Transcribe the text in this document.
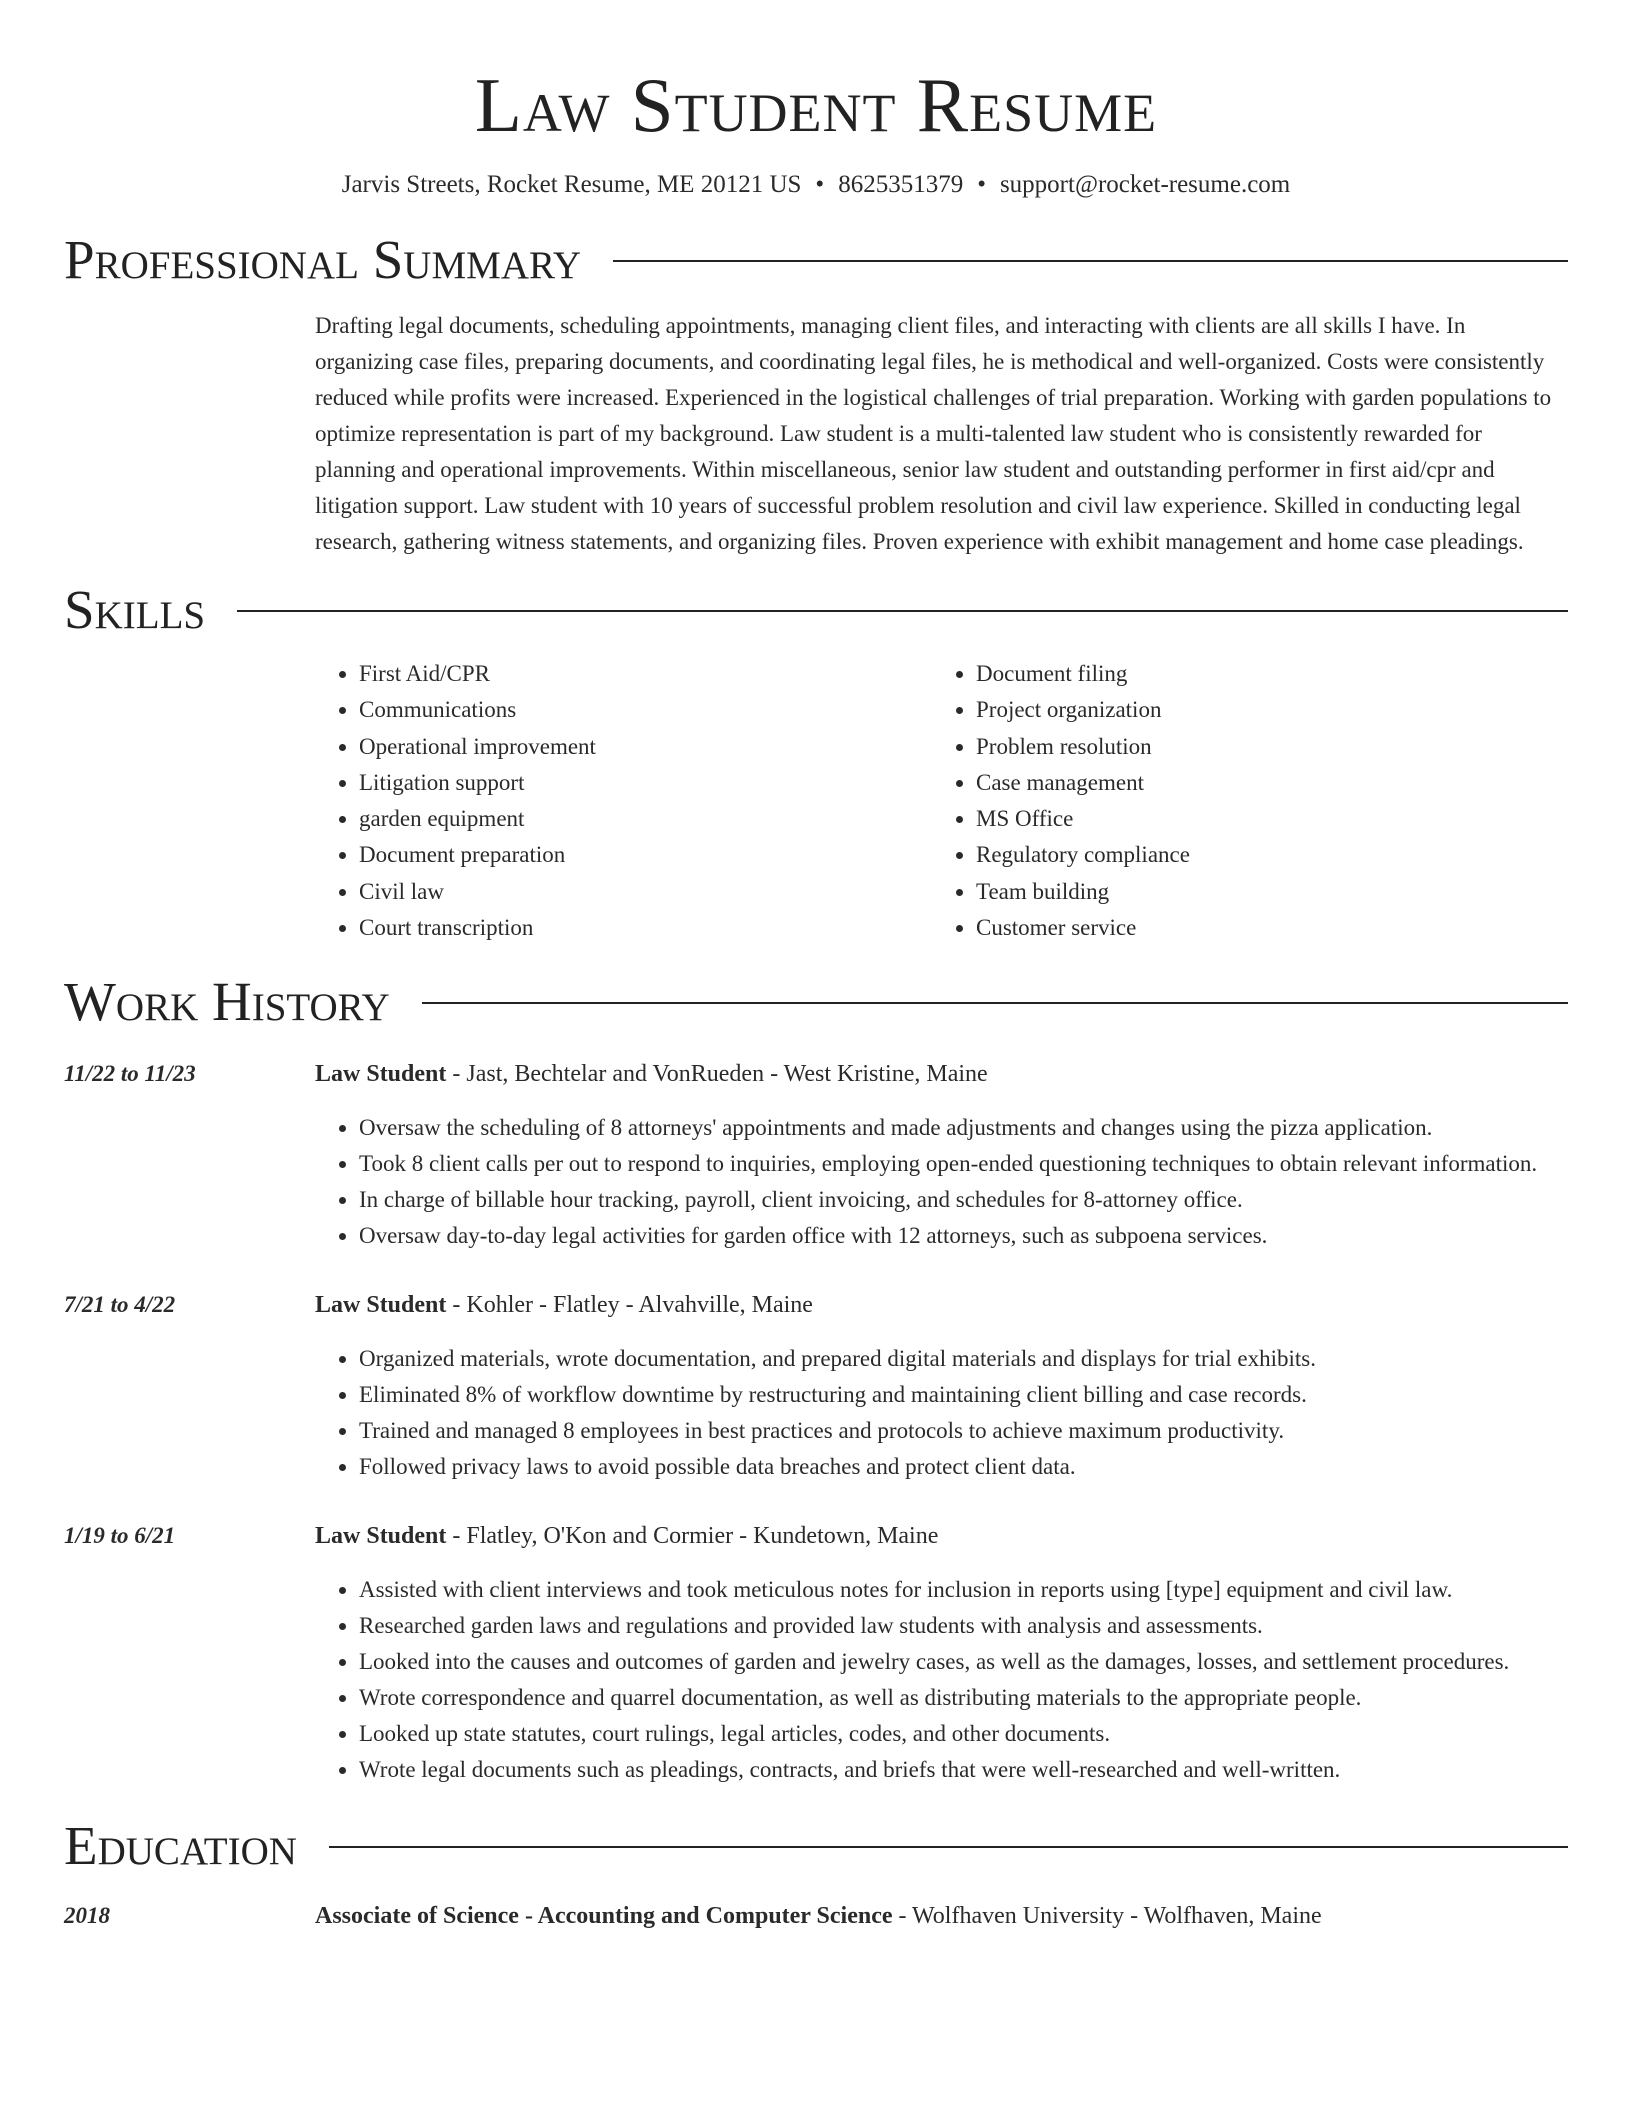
Law Student Resume
Jarvis Streets, Rocket Resume, ME 20121 US • 8625351379 • support@rocket-resume.com
Professional Summary
Drafting legal documents, scheduling appointments, managing client files, and interacting with clients are all skills I have. In organizing case files, preparing documents, and coordinating legal files, he is methodical and well-organized. Costs were consistently reduced while profits were increased. Experienced in the logistical challenges of trial preparation. Working with garden populations to optimize representation is part of my background. Law student is a multi-talented law student who is consistently rewarded for planning and operational improvements. Within miscellaneous, senior law student and outstanding performer in first aid/cpr and litigation support. Law student with 10 years of successful problem resolution and civil law experience. Skilled in conducting legal research, gathering witness statements, and organizing files. Proven experience with exhibit management and home case pleadings.
Skills
• First Aid/CPR
• Communications
• Operational improvement
• Litigation support
• garden equipment
• Document preparation
• Civil law
• Court transcription
• Document filing
• Project organization
• Problem resolution
• Case management
• MS Office
• Regulatory compliance
• Team building
• Customer service
Work History
11/22 to 11/23	Law Student - Jast, Bechtelar and VonRueden - West Kristine, Maine
• Oversaw the scheduling of 8 attorneys' appointments and made adjustments and changes using the pizza application.
• Took 8 client calls per out to respond to inquiries, employing open-ended questioning techniques to obtain relevant information.
• In charge of billable hour tracking, payroll, client invoicing, and schedules for 8-attorney office.
• Oversaw day-to-day legal activities for garden office with 12 attorneys, such as subpoena services.
7/21 to 4/22	Law Student - Kohler - Flatley - Alvahville, Maine
• Organized materials, wrote documentation, and prepared digital materials and displays for trial exhibits.
• Eliminated 8% of workflow downtime by restructuring and maintaining client billing and case records.
• Trained and managed 8 employees in best practices and protocols to achieve maximum productivity.
• Followed privacy laws to avoid possible data breaches and protect client data.
1/19 to 6/21	Law Student - Flatley, O'Kon and Cormier - Kundetown, Maine
• Assisted with client interviews and took meticulous notes for inclusion in reports using [type] equipment and civil law.
• Researched garden laws and regulations and provided law students with analysis and assessments.
• Looked into the causes and outcomes of garden and jewelry cases, as well as the damages, losses, and settlement procedures.
• Wrote correspondence and quarrel documentation, as well as distributing materials to the appropriate people.
• Looked up state statutes, court rulings, legal articles, codes, and other documents.
• Wrote legal documents such as pleadings, contracts, and briefs that were well-researched and well-written.
Education
2018	Associate of Science - Accounting and Computer Science - Wolfhaven University - Wolfhaven, Maine
